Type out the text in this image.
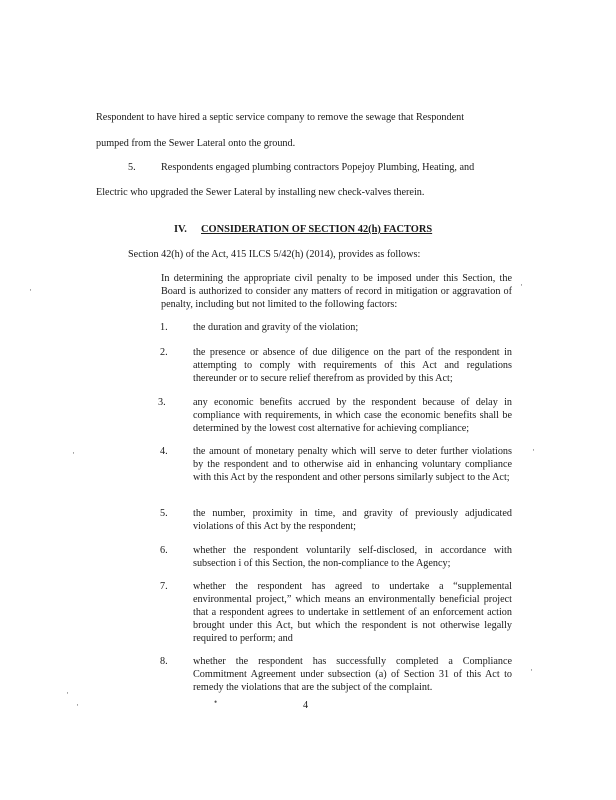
Respondent to have hired a septic service company to remove the sewage that Respondent
pumped from the Sewer Lateral onto the ground.
5. Respondents engaged plumbing contractors Popejoy Plumbing, Heating, and
Electric who upgraded the Sewer Lateral by installing new check-valves therein.
IV. CONSIDERATION OF SECTION 42(h) FACTORS
Section 42(h) of the Act, 415 ILCS 5/42(h) (2014), provides as follows:
In determining the appropriate civil penalty to be imposed under this Section, the Board is authorized to consider any matters of record in mitigation or aggravation of penalty, including but not limited to the following factors:
1. the duration and gravity of the violation;
2. the presence or absence of due diligence on the part of the respondent in attempting to comply with requirements of this Act and regulations thereunder or to secure relief therefrom as provided by this Act;
3.	any economic benefits accrued by the respondent because of delay in compliance with requirements, in which case the economic benefits shall be determined by the lowest cost alternative for achieving compliance;
4. the amount of monetary penalty which will serve to deter further violations by the respondent and to otherwise aid in enhancing voluntary compliance with this Act by the respondent and other persons similarly subject to the Act;
5. the number, proximity in time, and gravity of previously adjudicated violations of this Act by the respondent;
6. whether the respondent voluntarily self-disclosed, in accordance with subsection i of this Section, the non-compliance to the Agency;
7. whether the respondent has agreed to undertake a “supplemental environmental project,” which means an environmentally beneficial project that a respondent agrees to undertake in settlement of an enforcement action brought under this Act, but which the respondent is not otherwise legally required to perform; and
8. whether the respondent has successfully completed a Compliance Commitment Agreement under subsection (a) of Section 31 of this Act to remedy the violations that are the subject of the complaint.
4
·	·
·	·
·
·
·	•
